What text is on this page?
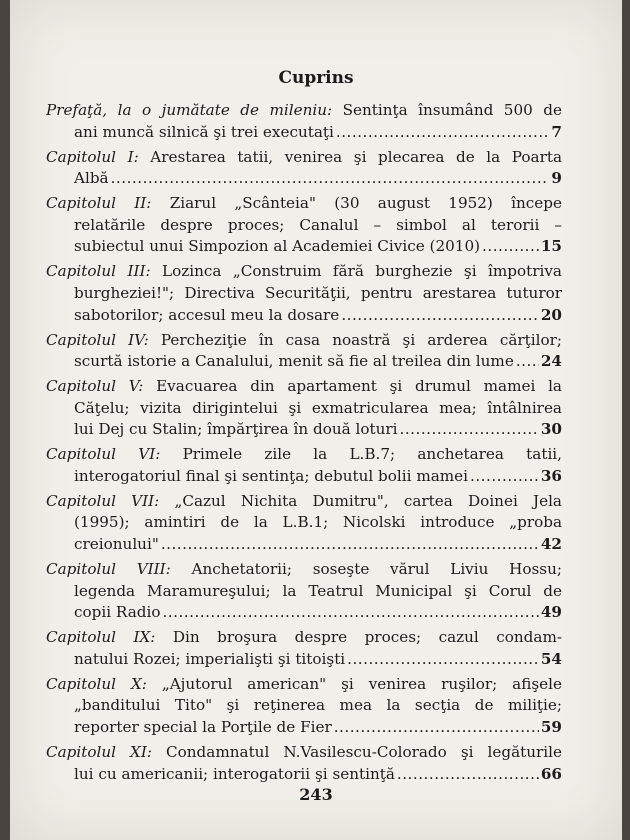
Cuprins
Prefaţă, la o jumătate de mileniu: Sentinţa însumând 500 de
ani muncă silnică şi trei executaţi .....	7
Capitolul I: Arestarea tatii, venirea şi plecarea de la Poarta
Albă .....	9
Capitolul II: Ziarul „Scânteia" (30 august 1952) începe
relatările despre proces; Canalul – simbol al terorii –
subiectul unui Simpozion al Academiei Civice (2010) .....	15
Capitolul III: Lozinca „Construim fără burghezie şi împotriva
burgheziei!"; Directiva Securităţii, pentru arestarea tuturor
sabotorilor; accesul meu la dosare .....	20
Capitolul IV: Percheziţie în casa noastră şi arderea cărţilor;
scurtă istorie a Canalului, menit să fie al treilea din lume ..... 24
Capitolul V: Evacuarea din apartament şi drumul mamei la
Căţelu; vizita dirigintelui şi exmatricularea mea; întâlnirea
lui Dej cu Stalin; împărţirea în două loturi .....	30
Capitolul VI: Primele zile la L.B.7; anchetarea tatii,
interogatoriul final şi sentinţa; debutul bolii mamei .....	36
Capitolul VII: „Cazul Nichita Dumitru", cartea Doinei Jela
(1995); amintiri de la L.B.1; Nicolski introduce „proba
creionului" .....	42
Capitolul VIII: Anchetatorii; soseşte vărul Liviu Hossu;
legenda Maramureşului; la Teatrul Municipal şi Corul de
copii Radio .....	49
Capitolul IX: Din broşura despre proces; cazul condam-
natului Rozei; imperialişti şi titoişti .....	54
Capitolul X: „Ajutorul american" şi venirea ruşilor; afişele
„banditului Tito" şi reţinerea mea la secţia de miliţie;
reporter special la Porţile de Fier .....	59
Capitolul XI: Condamnatul N.Vasilescu-Colorado şi legăturile
lui cu americanii; interogatorii şi sentinţă .....	66
243
